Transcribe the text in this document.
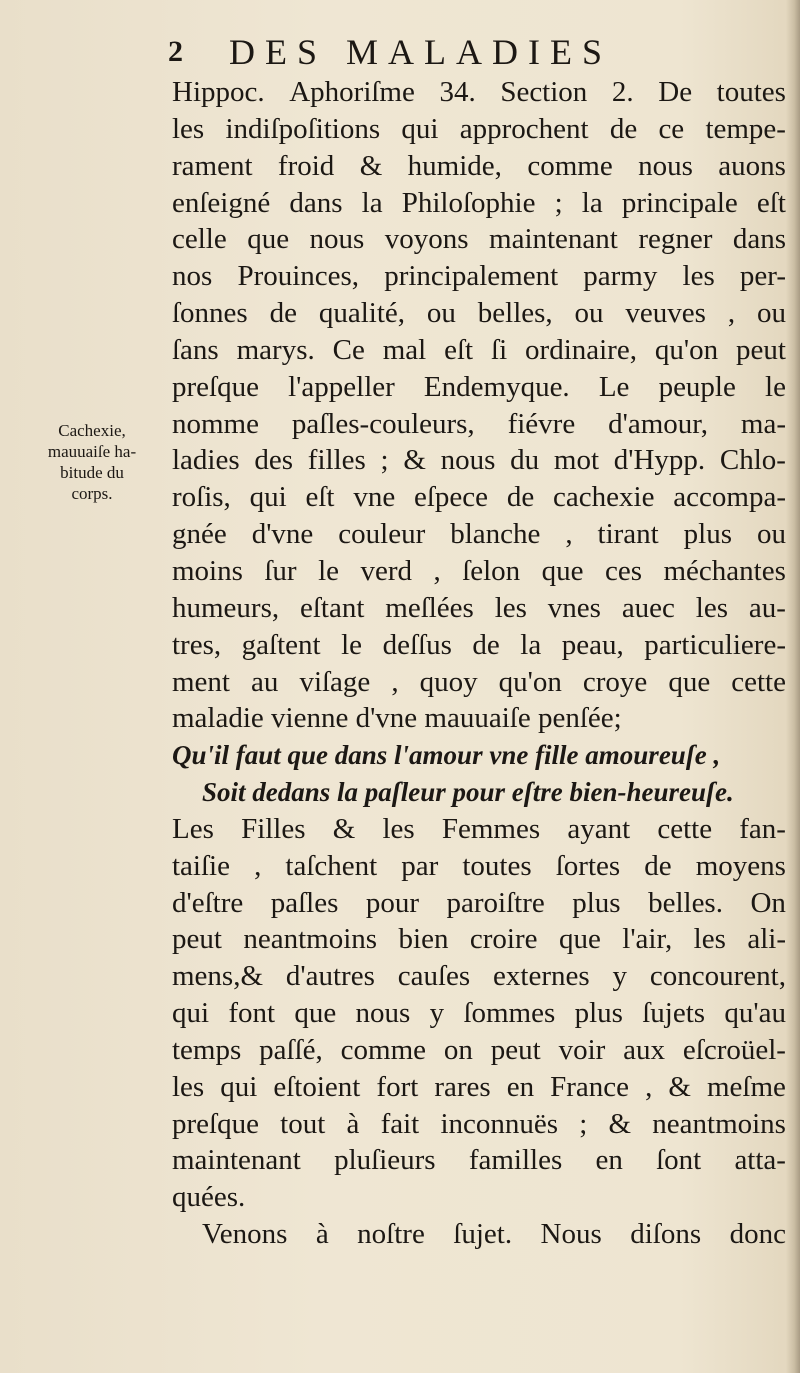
2 DES MALADIES
Cachexie,
mauuaiſe ha-
bitude du
corps.
Hippoc. Aphoriſme 34. Section 2. De toutes
les indiſpoſitions qui approchent de ce tempe-
rament froid & humide, comme nous auons
enſeigné dans la Philoſophie ; la principale eſt
celle que nous voyons maintenant regner dans
nos Prouinces, principalement parmy les per-
ſonnes de qualité, ou belles, ou veuves , ou
ſans marys. Ce mal eſt ſi ordinaire, qu'on peut
preſque l'appeller Endemyque. Le peuple le
nomme paſles-couleurs, fiévre d'amour, ma-
ladies des filles ; & nous du mot d'Hypp. Chlo-
roſis, qui eſt vne eſpece de cachexie accompa-
gnée d'vne couleur blanche , tirant plus ou
moins ſur le verd , ſelon que ces méchantes
humeurs, eſtant meſlées les vnes auec les au-
tres, gaſtent le deſſus de la peau, particuliere-
ment au viſage , quoy qu'on croye que cette
maladie vienne d'vne mauuaiſe penſée;
Qu'il faut que dans l'amour vne fille amoureuſe ,
Soit dedans la paſleur pour eſtre bien-heureuſe.
Les Filles & les Femmes ayant cette fan-
taiſie , taſchent par toutes ſortes de moyens
d'eſtre paſles pour paroiſtre plus belles. On
peut neantmoins bien croire que l'air, les ali-
mens,& d'autres cauſes externes y concourent,
qui font que nous y ſommes plus ſujets qu'au
temps paſſé, comme on peut voir aux eſcroüel-
les qui eſtoient fort rares en France , & meſme
preſque tout à fait inconnuës ; & neantmoins
maintenant pluſieurs familles en ſont atta-
quées.
Venons à noſtre ſujet. Nous diſons donc
